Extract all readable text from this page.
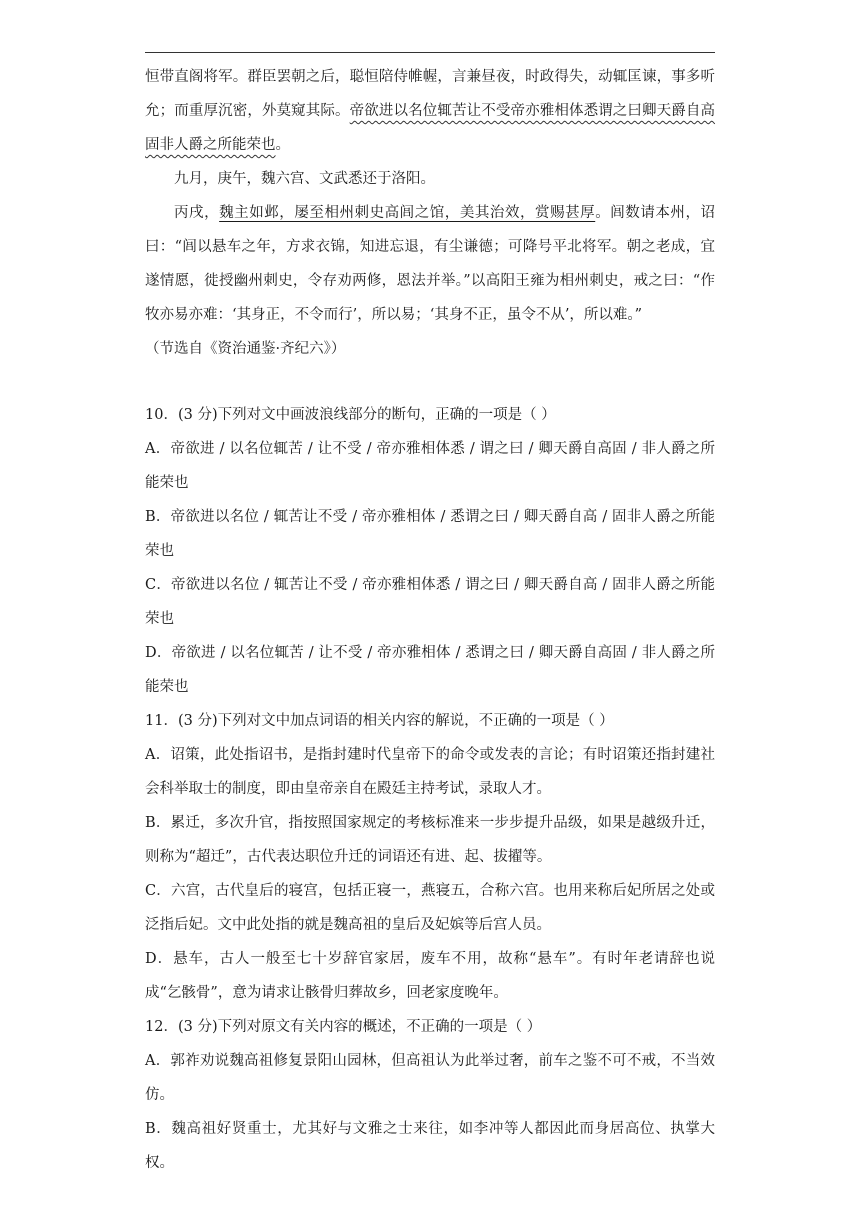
恒带直阁将军。群臣罢朝之后，聪恒陪侍帷幄，言兼昼夜，时政得失，动辄匡谏，事多听允；而重厚沉密，外莫窥其际。帝欲进以名位辄苦让不受帝亦雅相体悉谓之曰卿天爵自高固非人爵之所能荣也。

九月，庚午，魏六宫、文武悉还于洛阳。

丙戌，魏主如邺，屡至相州刺史高闾之馆，美其治效，赏赐甚厚。闾数请本州，诏曰：“闾以悬车之年，方求衣锦，知进忘退，有尘谦德；可降号平北将军。朝之老成，宜遂情愿，徙授幽州刺史，令存劝两修，恩法并举。”以高阳王雍为相州刺史，戒之曰：“作牧亦易亦难：‘其身正，不令而行’，所以易；‘其身不正，虽令不从’，所以难。”

（节选自《资治通鉴·齐纪六》）

10．(3 分)下列对文中画波浪线部分的断句，正确的一项是（ ）

A．帝欲进 / 以名位辄苦 / 让不受 / 帝亦雅相体悉 / 谓之曰 / 卿天爵自高固 / 非人爵之所能荣也

B．帝欲进以名位 / 辄苦让不受 / 帝亦雅相体 / 悉谓之曰 / 卿天爵自高 / 固非人爵之所能荣也

C．帝欲进以名位 / 辄苦让不受 / 帝亦雅相体悉 / 谓之曰 / 卿天爵自高 / 固非人爵之所能荣也

D．帝欲进 / 以名位辄苦 / 让不受 / 帝亦雅相体 / 悉谓之曰 / 卿天爵自高固 / 非人爵之所能荣也

11．(3 分)下列对文中加点词语的相关内容的解说，不正确的一项是（ ）

A．诏策，此处指诏书，是指封建时代皇帝下的命令或发表的言论；有时诏策还指封建社会科举取士的制度，即由皇帝亲自在殿廷主持考试，录取人才。

B．累迁，多次升官，指按照国家规定的考核标准来一步步提升品级，如果是越级升迁，则称为“超迁”，古代表达职位升迁的词语还有进、起、拔擢等。

C．六宫，古代皇后的寝宫，包括正寝一，燕寝五，合称六宫。也用来称后妃所居之处或泛指后妃。文中此处指的就是魏高祖的皇后及妃嫔等后宫人员。

D．悬车，古人一般至七十岁辞官家居，废车不用，故称“悬车”。有时年老请辞也说成“乞骸骨”，意为请求让骸骨归葬故乡，回老家度晚年。

12．(3 分)下列对原文有关内容的概述，不正确的一项是（ ）

A．郭祚劝说魏高祖修复景阳山园林，但高祖认为此举过奢，前车之鉴不可不戒，不当效仿。

B．魏高祖好贤重士，尤其好与文雅之士来往，如李冲等人都因此而身居高位、执掌大权。
